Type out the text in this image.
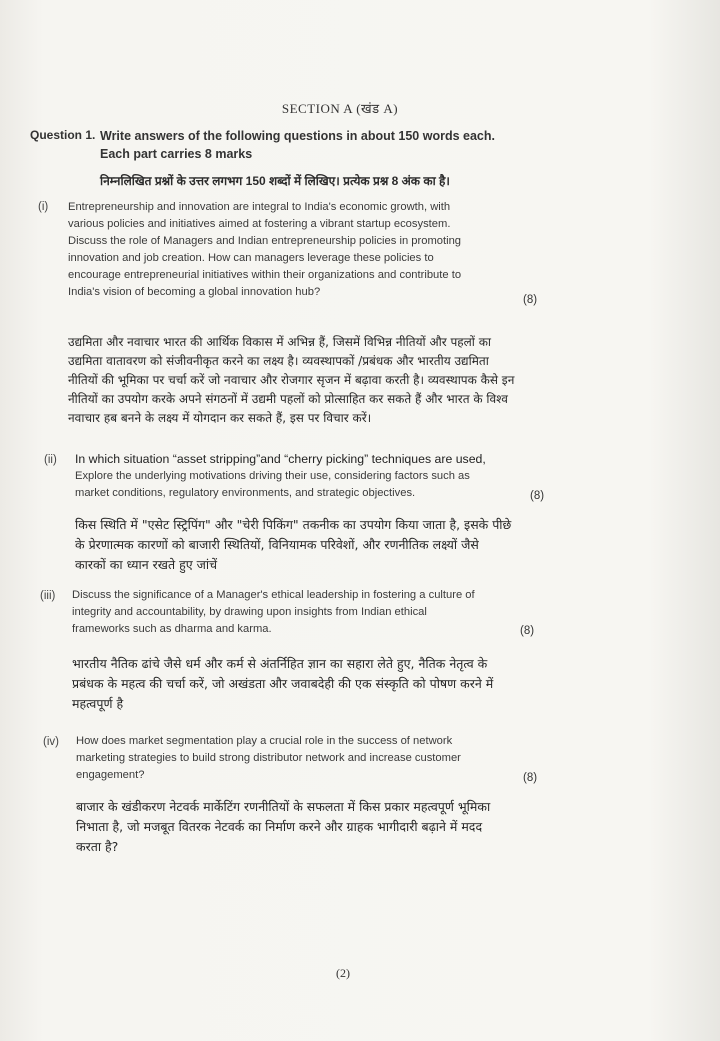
SECTION A (खंड A)
Question 1. Write answers of the following questions in about 150 words each.
Each part carries 8 marks
निम्नलिखित प्रश्नों के उत्तर लगभग 150 शब्दों में लिखिए। प्रत्येक प्रश्न 8 अंक का है।
(i) Entrepreneurship and innovation are integral to India's economic growth, with
various policies and initiatives aimed at fostering a vibrant startup ecosystem.
Discuss the role of Managers and Indian entrepreneurship policies in promoting
innovation and job creation. How can managers leverage these policies to
encourage entrepreneurial initiatives within their organizations and contribute to
India's vision of becoming a global innovation hub?
(8)
उद्यमिता और नवाचार भारत की आर्थिक विकास में अभिन्न हैं, जिसमें विभिन्न नीतियों और पहलों का
उद्यमिता वातावरण को संजीवनीकृत करने का लक्ष्य है। व्यवस्थापकों /प्रबंधक और भारतीय उद्यमिता
नीतियों की भूमिका पर चर्चा करें जो नवाचार और रोजगार सृजन में बढ़ावा करती है। व्यवस्थापक कैसे इन
नीतियों का उपयोग करके अपने संगठनों में उद्यमी पहलों को प्रोत्साहित कर सकते हैं और भारत के विश्व
नवाचार हब बनने के लक्ष्य में योगदान कर सकते हैं, इस पर विचार करें।
(ii) In which situation “asset stripping”and “cherry picking” techniques are used,
Explore the underlying motivations driving their use, considering factors such as
market conditions, regulatory environments, and strategic objectives.	(8)
किस स्थिति में "एसेट स्ट्रिपिंग" और "चेरी पिकिंग" तकनीक का उपयोग किया जाता है, इसके पीछे
के प्रेरणात्मक कारणों को बाजारी स्थितियों, विनियामक परिवेशों, और रणनीतिक लक्ष्यों जैसे
कारकों का ध्यान रखते हुए जांचें
(iii) Discuss the significance of a Manager's ethical leadership in fostering a culture of
integrity and accountability, by drawing upon insights from Indian ethical
frameworks such as dharma and karma.	(8)
भारतीय नैतिक ढांचे जैसे धर्म और कर्म से अंतर्निहित ज्ञान का सहारा लेते हुए, नैतिक नेतृत्व के
प्रबंधक के महत्व की चर्चा करें, जो अखंडता और जवाबदेही की एक संस्कृति को पोषण करने में
महत्वपूर्ण है
(iv) How does market segmentation play a crucial role in the success of network
marketing strategies to build strong distributor network and increase customer
engagement?	(8)
बाजार के खंडीकरण नेटवर्क मार्केटिंग रणनीतियों के सफलता में किस प्रकार महत्वपूर्ण भूमिका
निभाता है, जो मजबूत वितरक नेटवर्क का निर्माण करने और ग्राहक भागीदारी बढ़ाने में मदद
करता है?
(2)
